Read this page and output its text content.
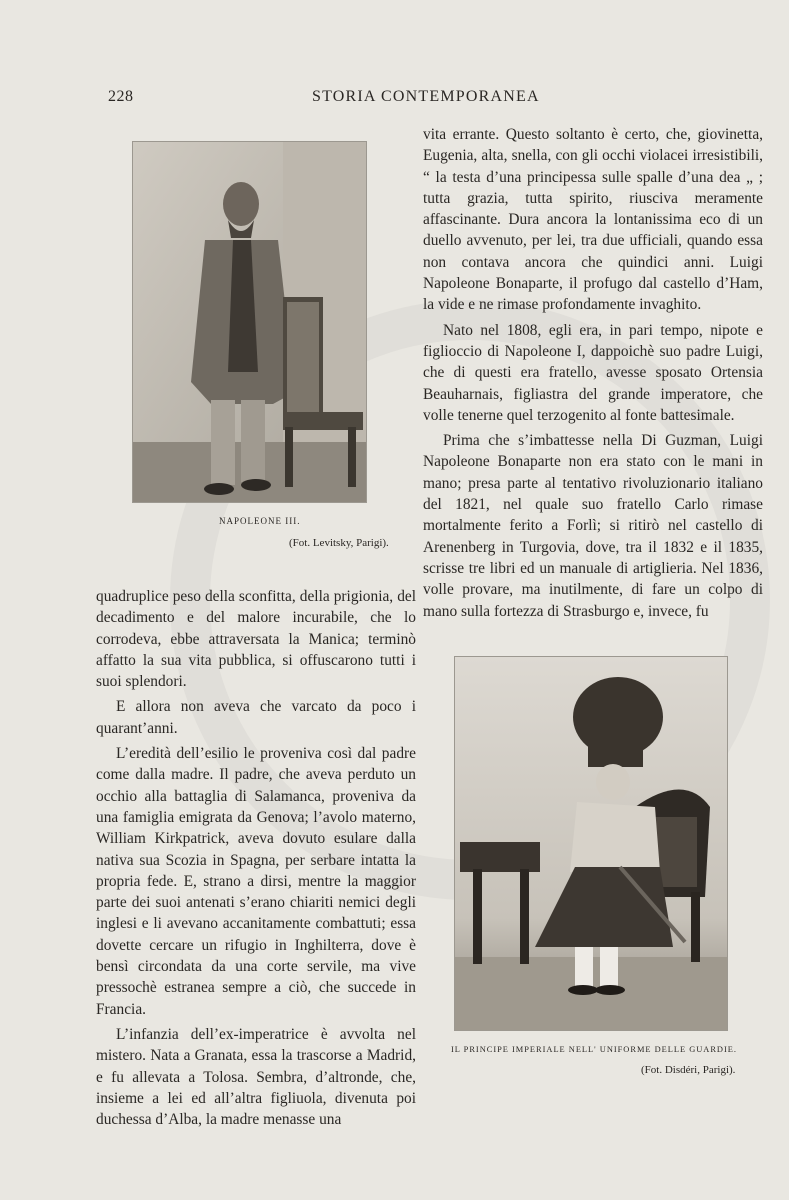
228	STORIA CONTEMPORANEA
NAPOLEONE III.
(Fot. Levitsky, Parigi).

vita errante. Questo soltanto è certo, che, giovinetta, Eugenia, alta, snella, con gli occhi violacei irresistibili, “ la testa d’una principessa sulle spalle d’una dea „ ; tutta grazia, tutta spirito, riusciva meramente affascinante. Dura ancora la lontanissima eco di un duello avvenuto, per lei, tra due ufficiali, quando essa non contava ancora che quindici anni. Luigi Napoleone Bonaparte, il profugo dal castello d’Ham, la vide e ne rimase profondamente invaghito.

Nato nel 1808, egli era, in pari tempo, nipote e figlioccio di Napoleone I, dappoichè suo padre Luigi, che di questi era fratello, avesse sposato Ortensia Beauharnais, figliastra del grande imperatore, che volle tenerne quel terzogenito al fonte battesimale.

Prima che s’imbattesse nella Di Guzman, Luigi Napoleone Bonaparte non era stato con le mani in mano; presa parte al tentativo rivoluzionario italiano del 1821, nel quale suo fratello Carlo rimase mortalmente ferito a Forlì; si ritirò nel castello di Arenenberg in Turgovia, dove, tra il 1832 e il 1835, scrisse tre libri ed un manuale di artiglieria. Nel 1836, volle provare, ma inutilmente, di fare un colpo di mano sulla fortezza di Strasburgo e, invece, fu

quadruplice peso della sconfitta, della prigionia, del decadimento e del malore incurabile, che lo corrodeva, ebbe attraversata la Manica; terminò affatto la sua vita pubblica, si offuscarono tutti i suoi splendori.

E allora non aveva che varcato da poco i quarant’anni.

L’eredità dell’esilio le proveniva così dal padre come dalla madre. Il padre, che aveva perduto un occhio alla battaglia di Salamanca, proveniva da una famiglia emigrata da Genova; l’avolo materno, William Kirkpatrick, aveva dovuto esulare dalla nativa sua Scozia in Spagna, per serbare intatta la propria fede. E, strano a dirsi, mentre la maggior parte dei suoi antenati s’erano chiariti nemici degli inglesi e li avevano accanitamente combattuti; essa dovette cercare un rifugio in Inghilterra, dove è bensì circondata da una corte servile, ma vive pressochè estranea sempre a ciò, che succede in Francia.

L’infanzia dell’ex-imperatrice è avvolta nel mistero. Nata a Granata, essa la trascorse a Madrid, e fu allevata a Tolosa. Sembra, d’altronde, che, insieme a lei ed all’altra figliuola, divenuta poi duchessa d’Alba, la madre menasse una

IL PRINCIPE IMPERIALE NELL' UNIFORME DELLE GUARDIE.
(Fot. Disdéri, Parigi).
